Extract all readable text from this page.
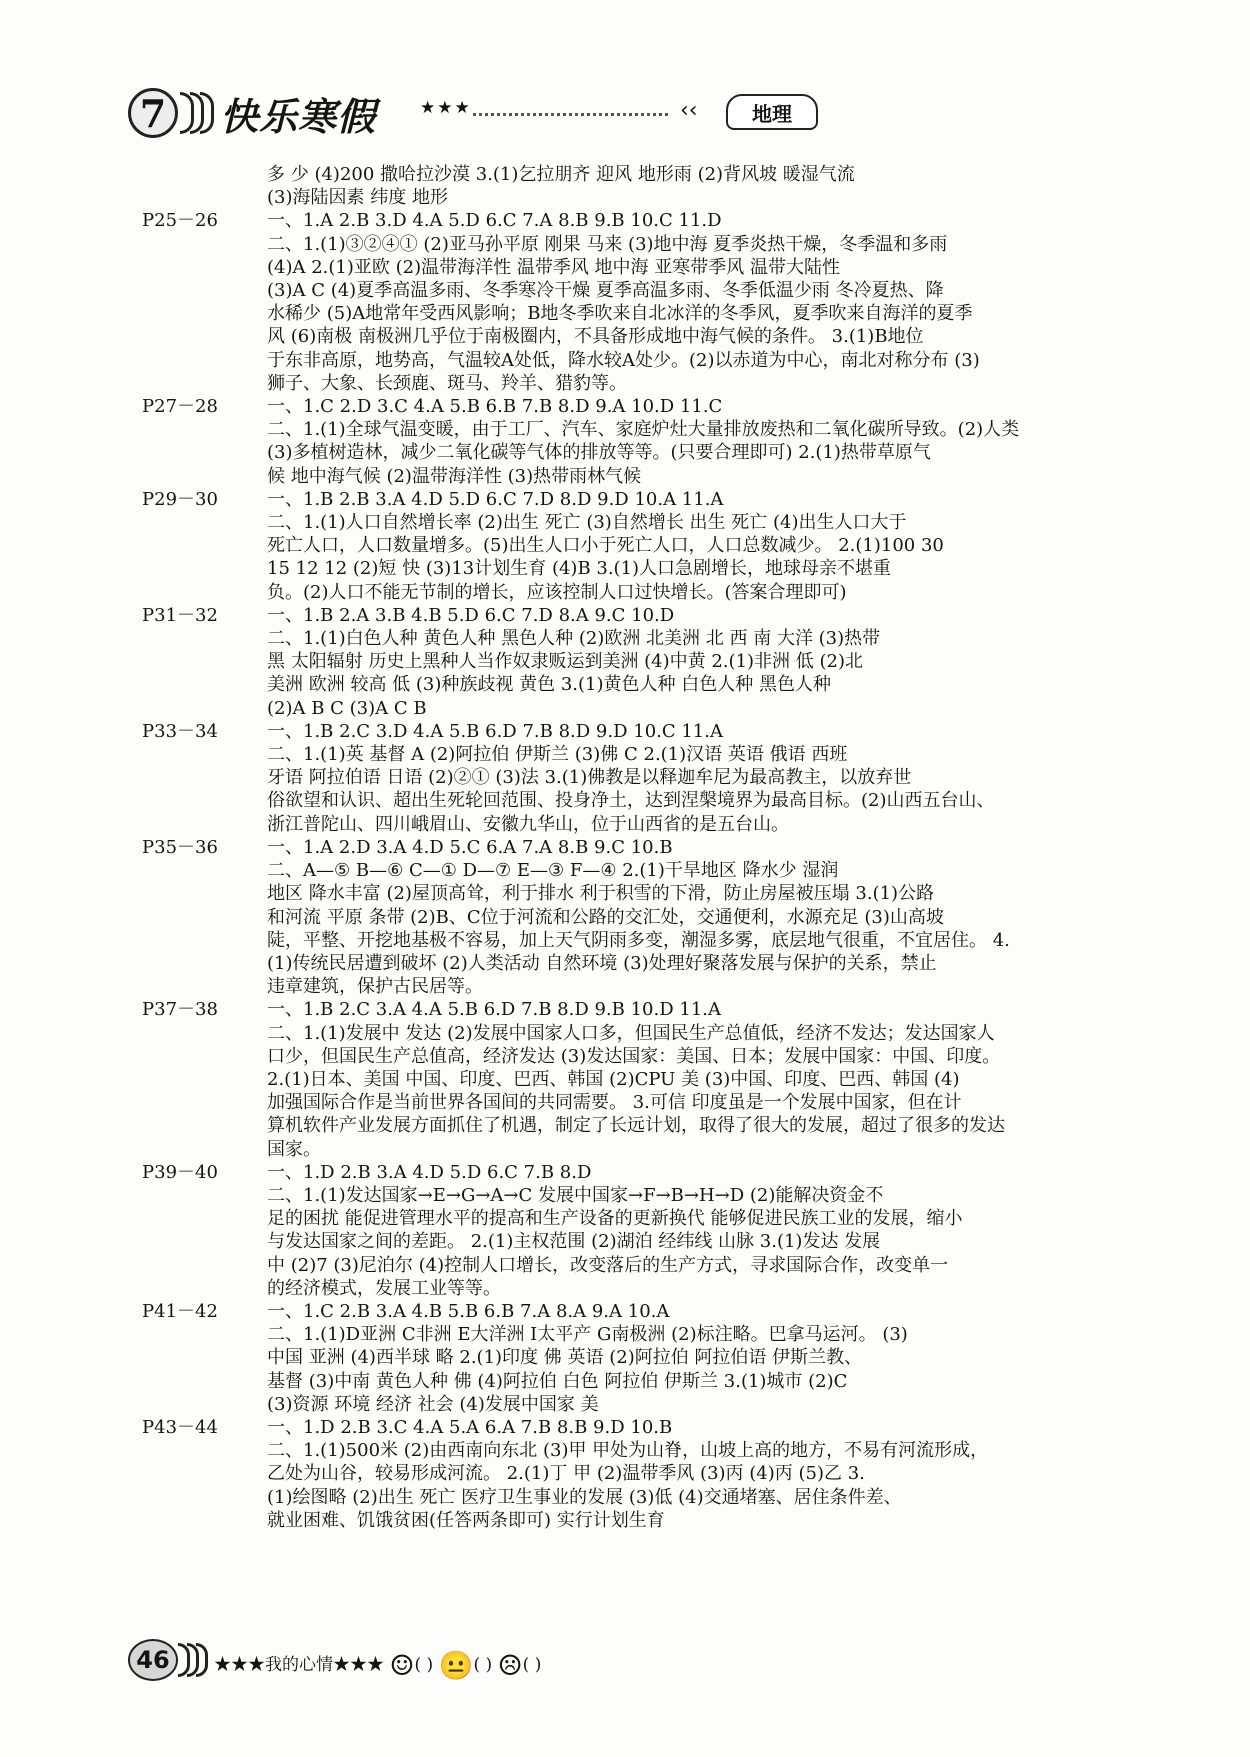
7	快乐寒假	★★★	‹‹	地理
多 少 (4)200 撒哈拉沙漠 3.(1)乞拉朋齐 迎风 地形雨 (2)背风坡 暖湿气流
(3)海陆因素 纬度 地形
P25－26	一、1.A 2.B 3.D 4.A 5.D 6.C 7.A 8.B 9.B 10.C 11.D
二、1.(1)③②④① (2)亚马孙平原 刚果 马来 (3)地中海 夏季炎热干燥，冬季温和多雨
(4)A 2.(1)亚欧 (2)温带海洋性 温带季风 地中海 亚寒带季风 温带大陆性
(3)A C (4)夏季高温多雨、冬季寒冷干燥 夏季高温多雨、冬季低温少雨 冬冷夏热、降
水稀少 (5)A地常年受西风影响；B地冬季吹来自北冰洋的冬季风，夏季吹来自海洋的夏季
风 (6)南极 南极洲几乎位于南极圈内，不具备形成地中海气候的条件。 3.(1)B地位
于东非高原，地势高，气温较A处低，降水较A处少。(2)以赤道为中心，南北对称分布 (3)
狮子、大象、长颈鹿、斑马、羚羊、猎豹等。
P27－28	一、1.C 2.D 3.C 4.A 5.B 6.B 7.B 8.D 9.A 10.D 11.C
二、1.(1)全球气温变暖，由于工厂、汽车、家庭炉灶大量排放废热和二氧化碳所导致。(2)人类
(3)多植树造林，减少二氧化碳等气体的排放等等。(只要合理即可) 2.(1)热带草原气
候 地中海气候 (2)温带海洋性 (3)热带雨林气候
P29－30	一、1.B 2.B 3.A 4.D 5.D 6.C 7.D 8.D 9.D 10.A 11.A
二、1.(1)人口自然增长率 (2)出生 死亡 (3)自然增长 出生 死亡 (4)出生人口大于
死亡人口，人口数量增多。(5)出生人口小于死亡人口，人口总数减少。 2.(1)100 30
15 12 12 (2)短 快 (3)13计划生育 (4)B 3.(1)人口急剧增长，地球母亲不堪重
负。(2)人口不能无节制的增长，应该控制人口过快增长。(答案合理即可)
P31－32	一、1.B 2.A 3.B 4.B 5.D 6.C 7.D 8.A 9.C 10.D
二、1.(1)白色人种 黄色人种 黑色人种 (2)欧洲 北美洲 北 西 南 大洋 (3)热带
黑 太阳辐射 历史上黑种人当作奴隶贩运到美洲 (4)中黄 2.(1)非洲 低 (2)北
美洲 欧洲 较高 低 (3)种族歧视 黄色 3.(1)黄色人种 白色人种 黑色人种
(2)A B C (3)A C B
P33－34	一、1.B 2.C 3.D 4.A 5.B 6.D 7.B 8.D 9.D 10.C 11.A
二、1.(1)英 基督 A (2)阿拉伯 伊斯兰 (3)佛 C 2.(1)汉语 英语 俄语 西班
牙语 阿拉伯语 日语 (2)②① (3)法 3.(1)佛教是以释迦牟尼为最高教主，以放弃世
俗欲望和认识、超出生死轮回范围、投身净土，达到涅槃境界为最高目标。(2)山西五台山、
浙江普陀山、四川峨眉山、安徽九华山，位于山西省的是五台山。
P35－36	一、1.A 2.D 3.A 4.D 5.C 6.A 7.A 8.B 9.C 10.B
二、A—⑤ B—⑥ C—① D—⑦ E—③ F—④ 2.(1)干旱地区 降水少 湿润
地区 降水丰富 (2)屋顶高耸，利于排水 利于积雪的下滑，防止房屋被压塌 3.(1)公路
和河流 平原 条带 (2)B、C位于河流和公路的交汇处，交通便利，水源充足 (3)山高坡
陡，平整、开挖地基极不容易，加上天气阴雨多变，潮湿多雾，底层地气很重，不宜居住。 4.
(1)传统民居遭到破坏 (2)人类活动 自然环境 (3)处理好聚落发展与保护的关系，禁止
违章建筑，保护古民居等。
P37－38	一、1.B 2.C 3.A 4.A 5.B 6.D 7.B 8.D 9.B 10.D 11.A
二、1.(1)发展中 发达 (2)发展中国家人口多，但国民生产总值低，经济不发达；发达国家人
口少，但国民生产总值高，经济发达 (3)发达国家：美国、日本；发展中国家：中国、印度。
2.(1)日本、美国 中国、印度、巴西、韩国 (2)CPU 美 (3)中国、印度、巴西、韩国 (4)
加强国际合作是当前世界各国间的共同需要。 3.可信 印度虽是一个发展中国家，但在计
算机软件产业发展方面抓住了机遇，制定了长远计划，取得了很大的发展，超过了很多的发达
国家。
P39－40	一、1.D 2.B 3.A 4.D 5.D 6.C 7.B 8.D
二、1.(1)发达国家→E→G→A→C 发展中国家→F→B→H→D (2)能解决资金不
足的困扰 能促进管理水平的提高和生产设备的更新换代 能够促进民族工业的发展，缩小
与发达国家之间的差距。 2.(1)主权范围 (2)湖泊 经纬线 山脉 3.(1)发达 发展
中 (2)7 (3)尼泊尔 (4)控制人口增长，改变落后的生产方式，寻求国际合作，改变单一
的经济模式，发展工业等等。
P41－42	一、1.C 2.B 3.A 4.B 5.B 6.B 7.A 8.A 9.A 10.A
二、1.(1)D亚洲 C非洲 E大洋洲 I太平产 G南极洲 (2)标注略。巴拿马运河。 (3)
中国 亚洲 (4)西半球 略 2.(1)印度 佛 英语 (2)阿拉伯 阿拉伯语 伊斯兰教、
基督 (3)中南 黄色人种 佛 (4)阿拉伯 白色 阿拉伯 伊斯兰 3.(1)城市 (2)C
(3)资源 环境 经济 社会 (4)发展中国家 美
P43－44	一、1.D 2.B 3.C 4.A 5.A 6.A 7.B 8.B 9.D 10.B
二、1.(1)500米 (2)由西南向东北 (3)甲 甲处为山脊，山坡上高的地方，不易有河流形成，
乙处为山谷，较易形成河流。 2.(1)丁 甲 (2)温带季风 (3)丙 (4)丙 (5)乙 3.
(1)绘图略 (2)出生 死亡 医疗卫生事业的发展 (3)低 (4)交通堵塞、居住条件差、
就业困难、饥饿贫困(任答两条即可) 实行计划生育
46	★★★我的心情★★★ ☺( ) 😐( ) ☹( )
